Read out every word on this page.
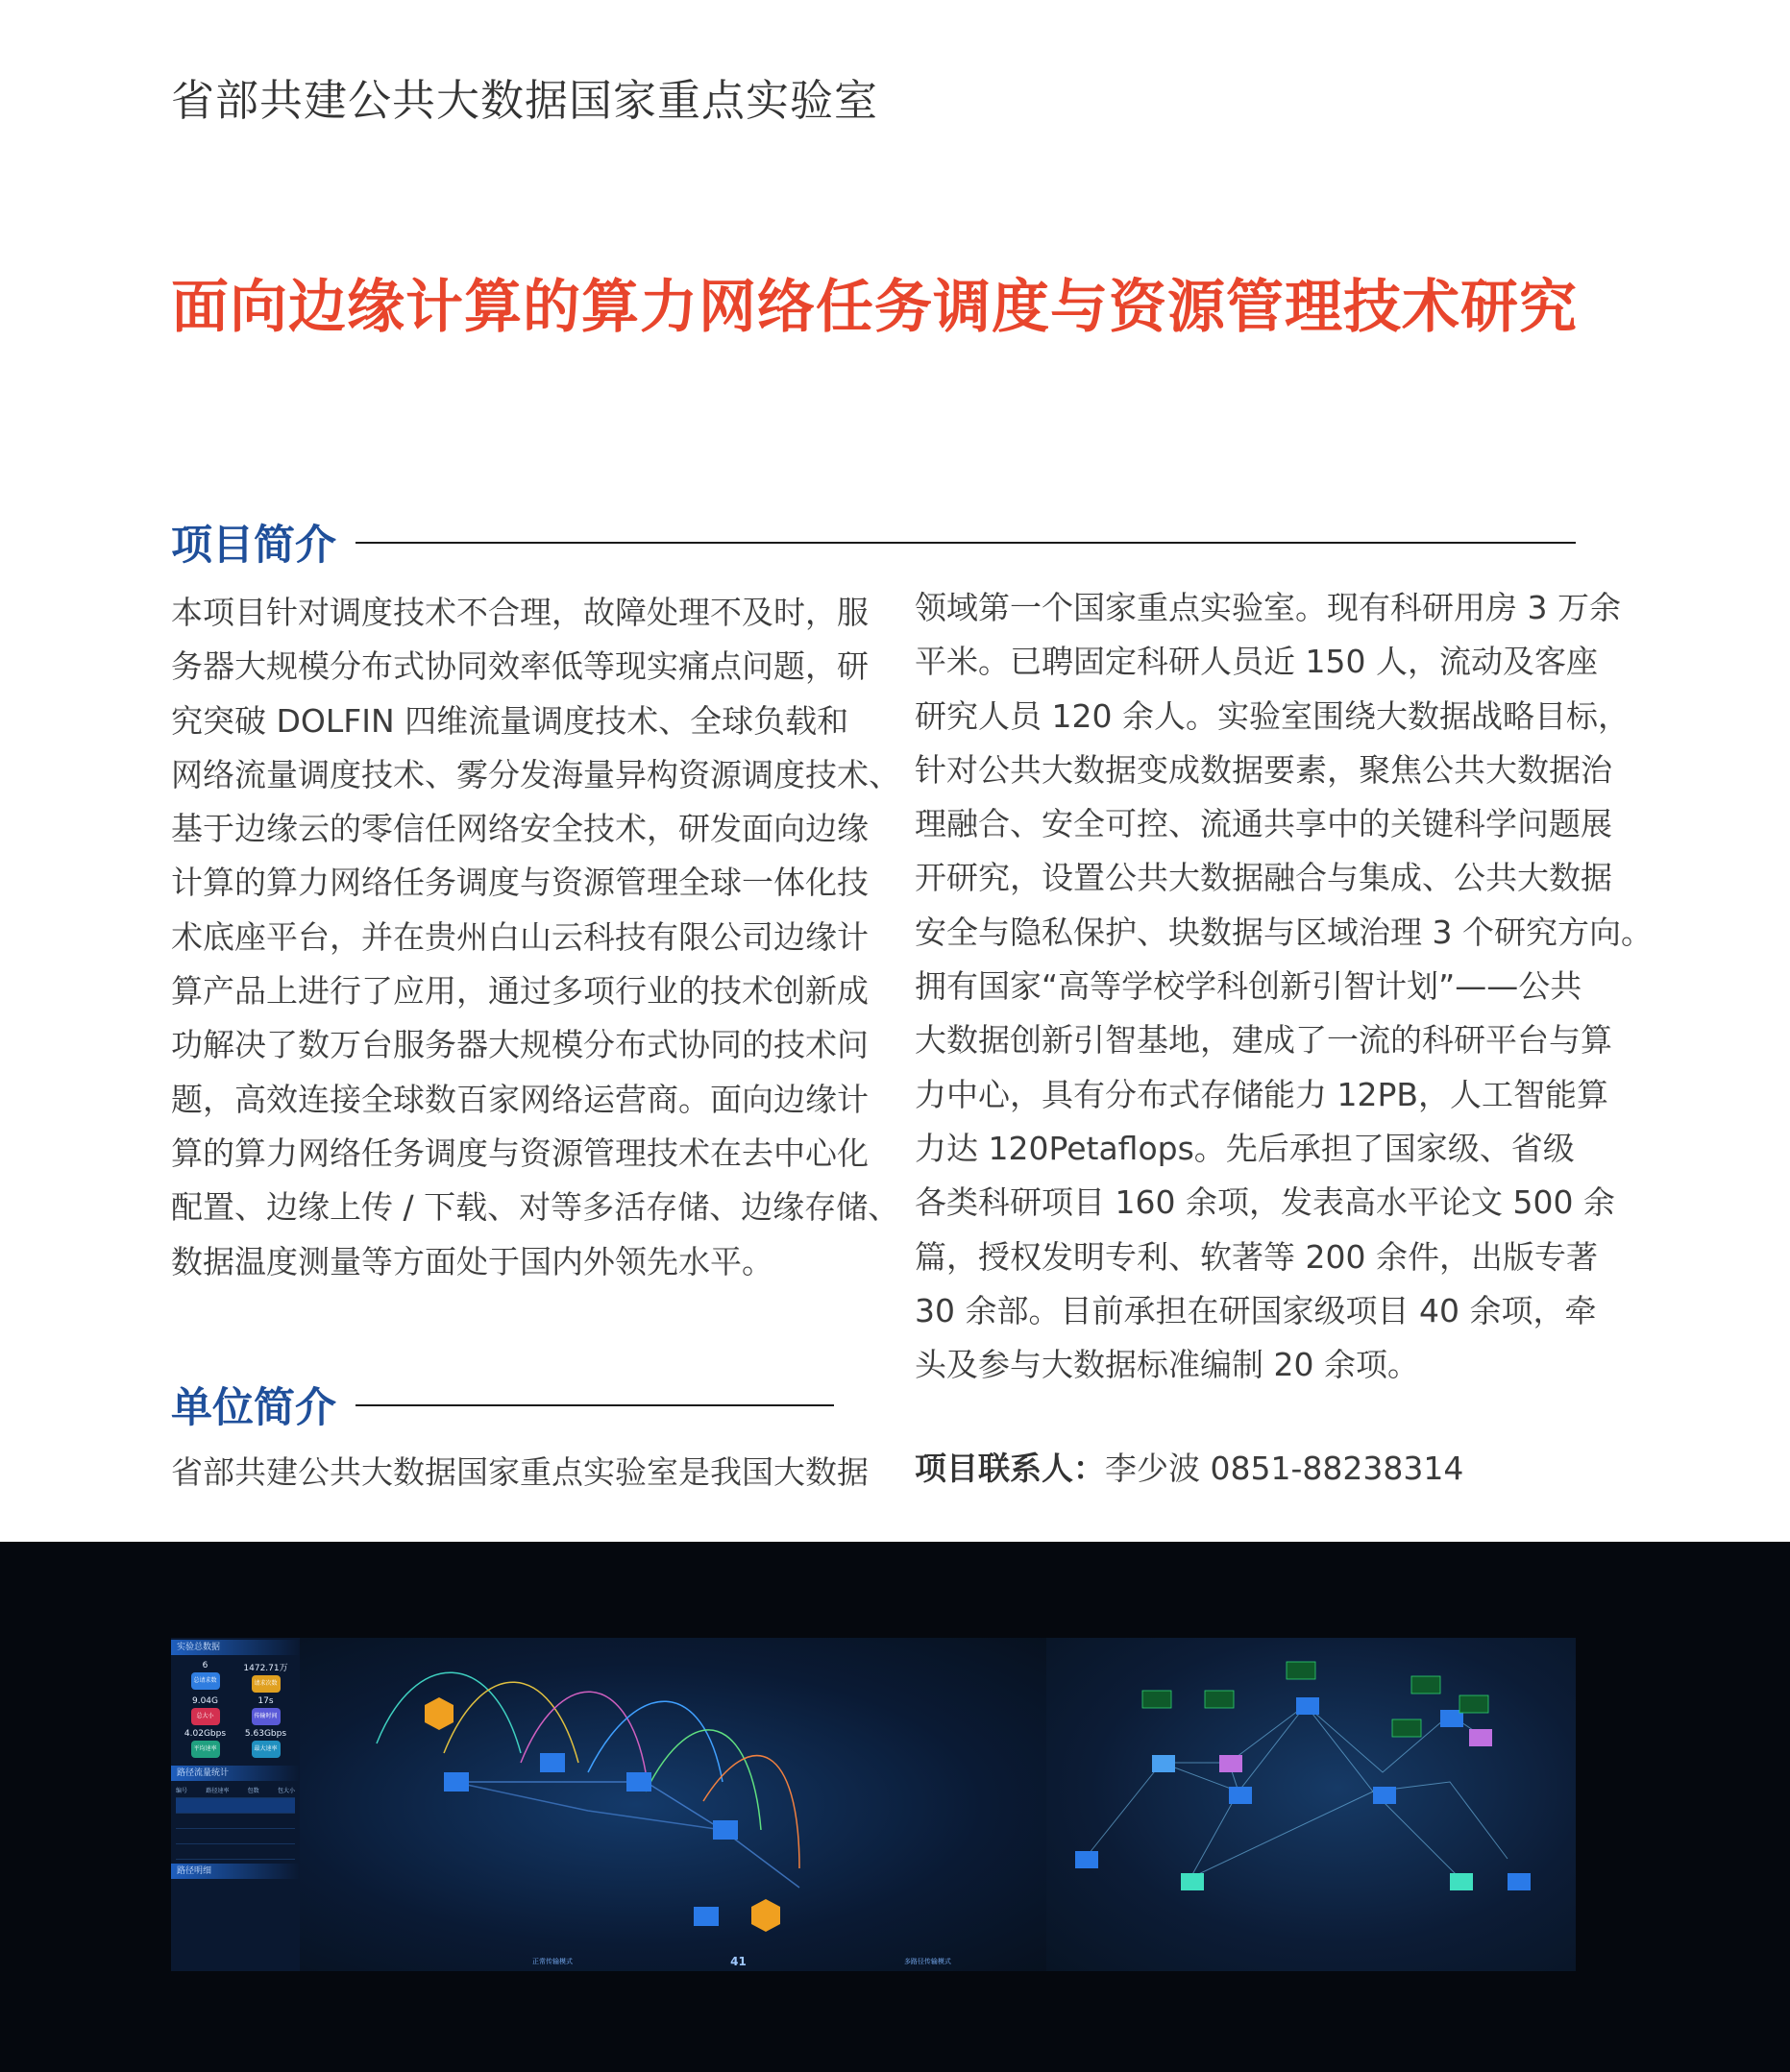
省部共建公共大数据国家重点实验室
面向边缘计算的算力网络任务调度与资源管理技术研究
项目简介
本项目针对调度技术不合理，故障处理不及时，服
务器大规模分布式协同效率低等现实痛点问题，研
究突破 DOLFIN 四维流量调度技术、全球负载和
网络流量调度技术、雾分发海量异构资源调度技术、
基于边缘云的零信任网络安全技术，研发面向边缘
计算的算力网络任务调度与资源管理全球一体化技
术底座平台，并在贵州白山云科技有限公司边缘计
算产品上进行了应用，通过多项行业的技术创新成
功解决了数万台服务器大规模分布式协同的技术问
题，高效连接全球数百家网络运营商。面向边缘计
算的算力网络任务调度与资源管理技术在去中心化
配置、边缘上传 / 下载、对等多活存储、边缘存储、
数据温度测量等方面处于国内外领先水平。
单位简介
省部共建公共大数据国家重点实验室是我国大数据
领域第一个国家重点实验室。现有科研用房 3 万余
平米。已聘固定科研人员近 150 人，流动及客座
研究人员 120 余人。实验室围绕大数据战略目标，
针对公共大数据变成数据要素，聚焦公共大数据治
理融合、安全可控、流通共享中的关键科学问题展
开研究，设置公共大数据融合与集成、公共大数据
安全与隐私保护、块数据与区域治理 3 个研究方向。
拥有国家“高等学校学科创新引智计划”——公共
大数据创新引智基地，建成了一流的科研平台与算
力中心，具有分布式存储能力 12PB，人工智能算
力达 120Petaflops。先后承担了国家级、省级
各类科研项目 160 余项，发表高水平论文 500 余
篇，授权发明专利、软著等 200 余件，出版专著
30 余部。目前承担在研国家级项目 40 余项，牵
头及参与大数据标准编制 20 余项。
项目联系人：李少波 0851-88238314
实验总数据
6
总请求数
1472.71万
请求次数
9.04G
总大小
17s
传输时间
4.02Gbps
平均速率
5.63Gbps
最大速率
路径流量统计
编号	路径速率	包数	包大小
路径明细
正常传输模式	41	多路径传输模式
